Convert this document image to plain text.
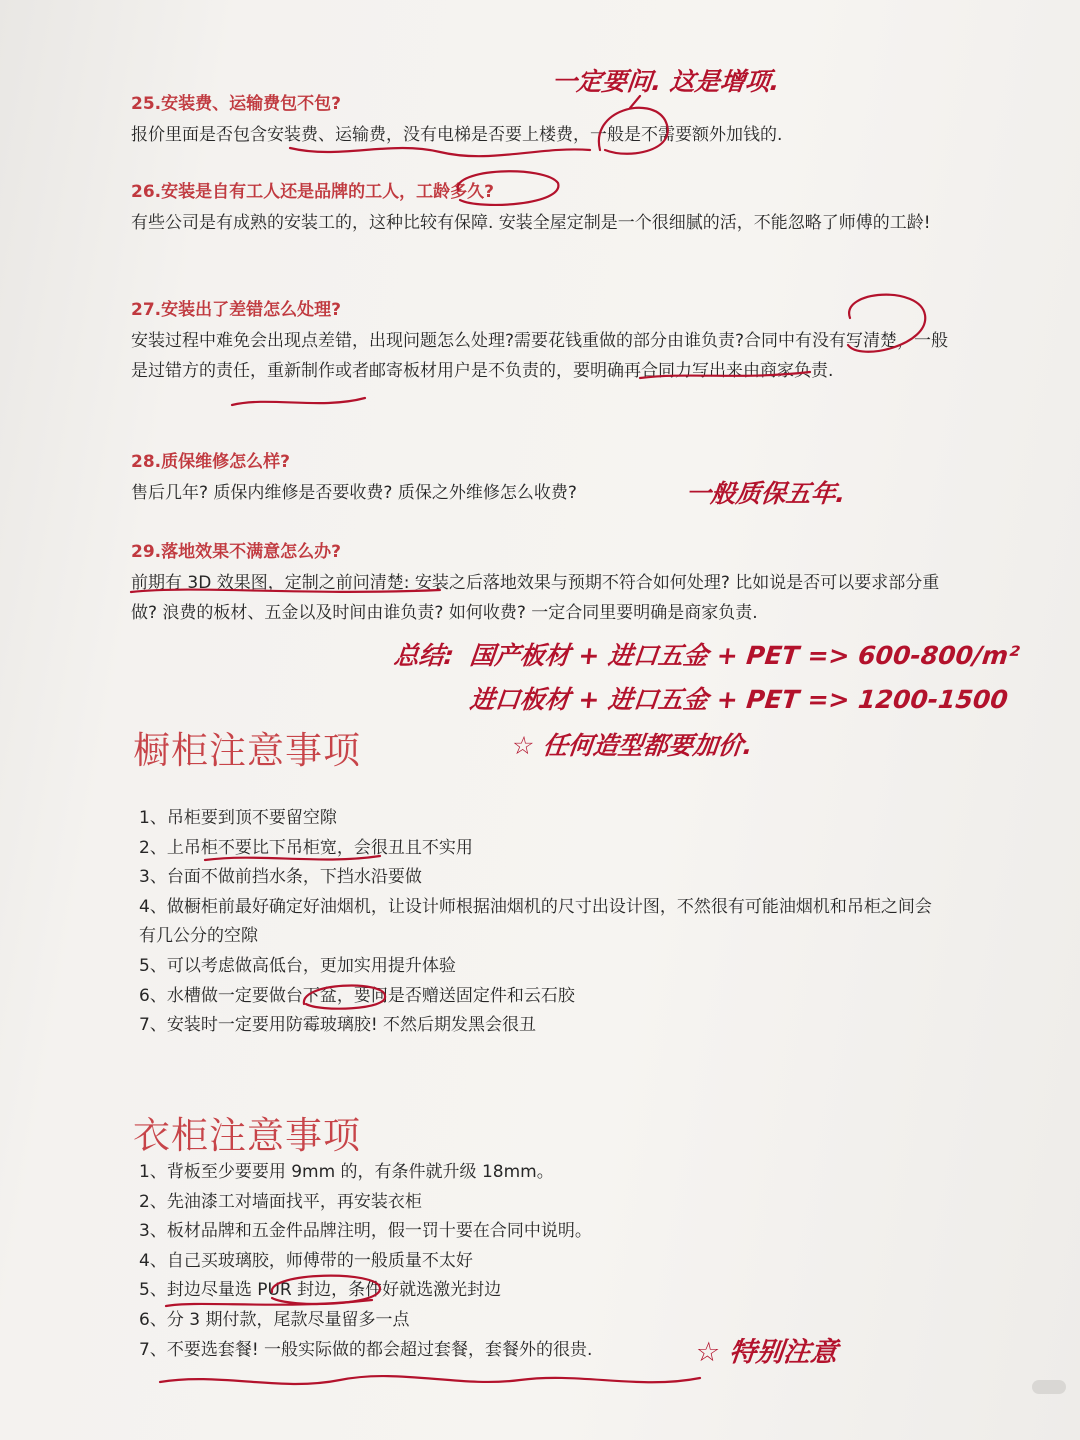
25.安装费、运输费包不包?
报价里面是否包含安装费、运输费，没有电梯是否要上楼费，一般是不需要额外加钱的.
26.安装是自有工人还是品牌的工人，工龄多久?
有些公司是有成熟的安装工的，这种比较有保障. 安装全屋定制是一个很细腻的活，不能忽略了师傅的工龄!
27.安装出了差错怎么处理?
安装过程中难免会出现点差错，出现问题怎么处理?需要花钱重做的部分由谁负责?合同中有没有写清楚，一般是过错方的责任，重新制作或者邮寄板材用户是不负责的，要明确再合同力写出来由商家负责.
28.质保维修怎么样?
售后几年? 质保内维修是否要收费? 质保之外维修怎么收费?
29.落地效果不满意怎么办?
前期有 3D 效果图，定制之前问清楚: 安装之后落地效果与预期不符合如何处理? 比如说是否可以要求部分重做? 浪费的板材、五金以及时间由谁负责? 如何收费? 一定合同里要明确是商家负责.
橱柜注意事项
1、吊柜要到顶不要留空隙
2、上吊柜不要比下吊柜宽，会很丑且不实用
3、台面不做前挡水条，下挡水沿要做
4、做橱柜前最好确定好油烟机，让设计师根据油烟机的尺寸出设计图，不然很有可能油烟机和吊柜之间会有几公分的空隙
5、可以考虑做高低台，更加实用提升体验
6、水槽做一定要做台下盆，要问是否赠送固定件和云石胶
7、安装时一定要用防霉玻璃胶! 不然后期发黑会很丑
衣柜注意事项
1、背板至少要要用 9mm 的，有条件就升级 18mm。
2、先油漆工对墙面找平，再安装衣柜
3、板材品牌和五金件品牌注明，假一罚十要在合同中说明。
4、自己买玻璃胶，师傅带的一般质量不太好
5、封边尽量选 PUR 封边，条件好就选激光封边
6、分 3 期付款，尾款尽量留多一点
7、不要选套餐! 一般实际做的都会超过套餐，套餐外的很贵.
一定要问. 这是增项.
一般质保五年.
总结: 国产板材 + 进口五金 + PET => 600-800/m²
进口板材 + 进口五金 + PET => 1200-1500
☆ 任何造型都要加价.
☆ 特别注意
